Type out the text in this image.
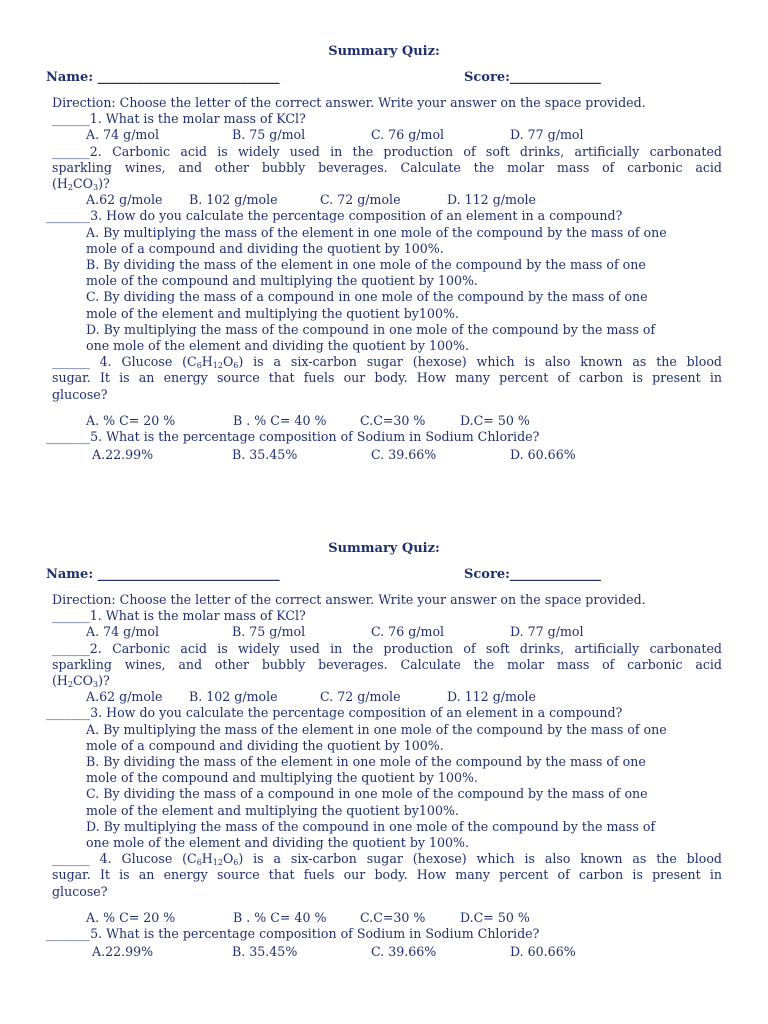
Summary Quiz:
Name: ____________________________	Score:______________
Direction: Choose the letter of the correct answer. Write your answer on the space provided.
______1. What is the molar mass of KCl?
A. 74 g/mol	B. 75 g/mol	C. 76 g/mol	D. 77 g/mol
______2. Carbonic acid is widely used in the production of soft drinks, artificially carbonated
sparkling wines, and other bubbly beverages. Calculate the molar mass of carbonic acid
$(H_2CO_3)$?
A.62 g/mole B. 102 g/mole	C. 72 g/mole	D. 112 g/mole
_______3. How do you calculate the percentage composition of an element in a compound?
A. By multiplying the mass of the element in one mole of the compound by the mass of one
mole of a compound and dividing the quotient by 100%.
B. By dividing the mass of the element in one mole of the compound by the mass of one
mole of the compound and multiplying the quotient by 100%.
C. By dividing the mass of a compound in one mole of the compound by the mass of one
mole of the element and multiplying the quotient by100%.
D. By multiplying the mass of the compound in one mole of the compound by the mass of
one mole of the element and dividing the quotient by 100%.
______ 4. Glucose $(C_6H_{12}O_6)$ is a six-carbon sugar (hexose) which is also known as the blood
sugar. It is an energy source that fuels our body. How many percent of carbon is present in
glucose?
A. % C= 20 %	B . % C= 40 %	C.C=30 %	D.C= 50 %
_______5. What is the percentage composition of Sodium in Sodium Chloride?
A.22.99%	B. 35.45%	C. 39.66%	D. 60.66%
Summary Quiz:
Name: ____________________________	Score:______________
Direction: Choose the letter of the correct answer. Write your answer on the space provided.
______1. What is the molar mass of KCl?
A. 74 g/mol	B. 75 g/mol	C. 76 g/mol	D. 77 g/mol
______2. Carbonic acid is widely used in the production of soft drinks, artificially carbonated
sparkling wines, and other bubbly beverages. Calculate the molar mass of carbonic acid
$(H_2CO_3)$?
A.62 g/mole B. 102 g/mole	C. 72 g/mole	D. 112 g/mole
_______3. How do you calculate the percentage composition of an element in a compound?
A. By multiplying the mass of the element in one mole of the compound by the mass of one
mole of a compound and dividing the quotient by 100%.
B. By dividing the mass of the element in one mole of the compound by the mass of one
mole of the compound and multiplying the quotient by 100%.
C. By dividing the mass of a compound in one mole of the compound by the mass of one
mole of the element and multiplying the quotient by100%.
D. By multiplying the mass of the compound in one mole of the compound by the mass of
one mole of the element and dividing the quotient by 100%.
______ 4. Glucose $(C_6H_{12}O_6)$ is a six-carbon sugar (hexose) which is also known as the blood
sugar. It is an energy source that fuels our body. How many percent of carbon is present in
glucose?
A. % C= 20 %	B . % C= 40 %	C.C=30 %	D.C= 50 %
_______5. What is the percentage composition of Sodium in Sodium Chloride?
A.22.99%	B. 35.45%	C. 39.66%	D. 60.66%
